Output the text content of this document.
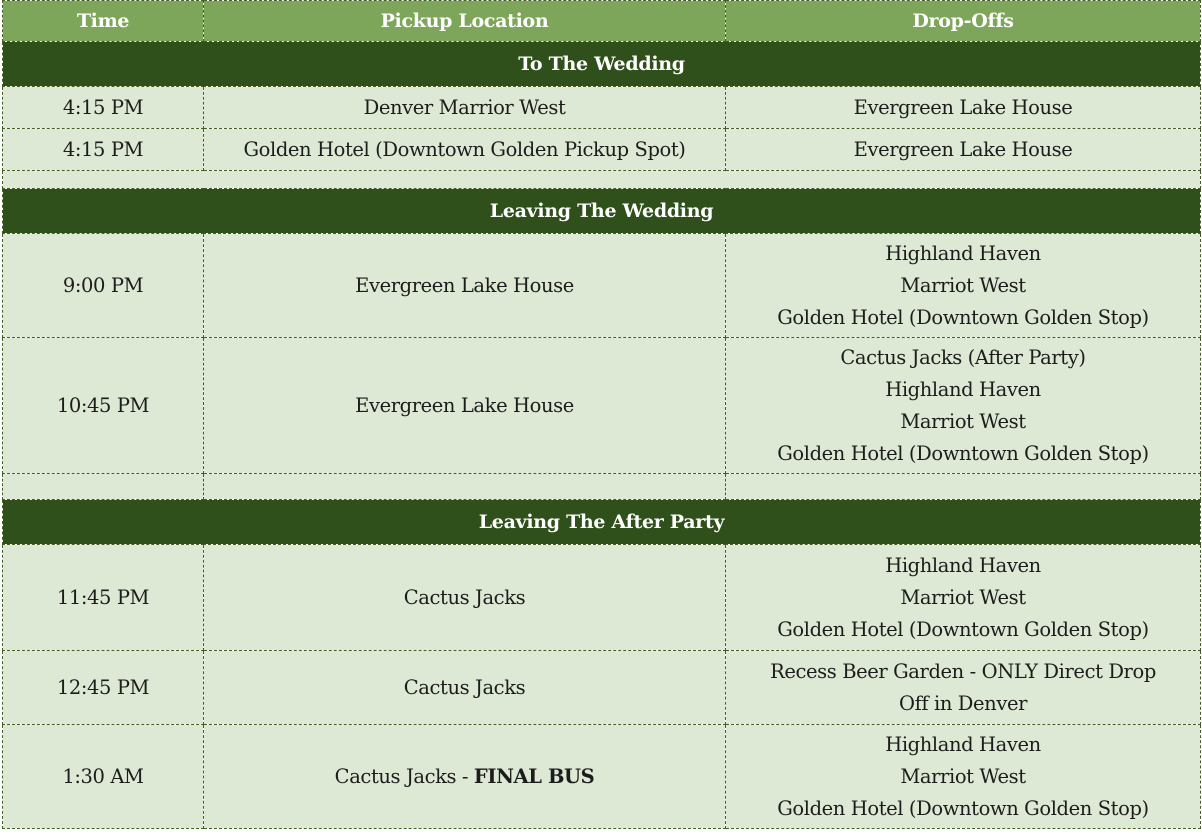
Time	Pickup Location	Drop-Offs
To The Wedding		
4:15 PM	Denver Marrior West	Evergreen Lake House

4:15 PM	Golden Hotel (Downtown Golden Pickup Spot)	Evergreen Lake House

Leaving The Wedding		
9:00 PM	Evergreen Lake House	Highland Haven
Marriot West
Golden Hotel (Downtown Golden Stop)

10:45 PM	Evergreen Lake House	Cactus Jacks (After Party)
Highland Haven
Marriot West
Golden Hotel (Downtown Golden Stop)

Leaving The After Party		
11:45 PM	Cactus Jacks	Highland Haven
Marriot West
Golden Hotel (Downtown Golden Stop)

12:45 PM	Cactus Jacks	Recess Beer Garden - ONLY Direct Drop
Off in Denver

1:30 AM	Cactus Jacks - FINAL BUS	Highland Haven
Marriot West
Golden Hotel (Downtown Golden Stop)
